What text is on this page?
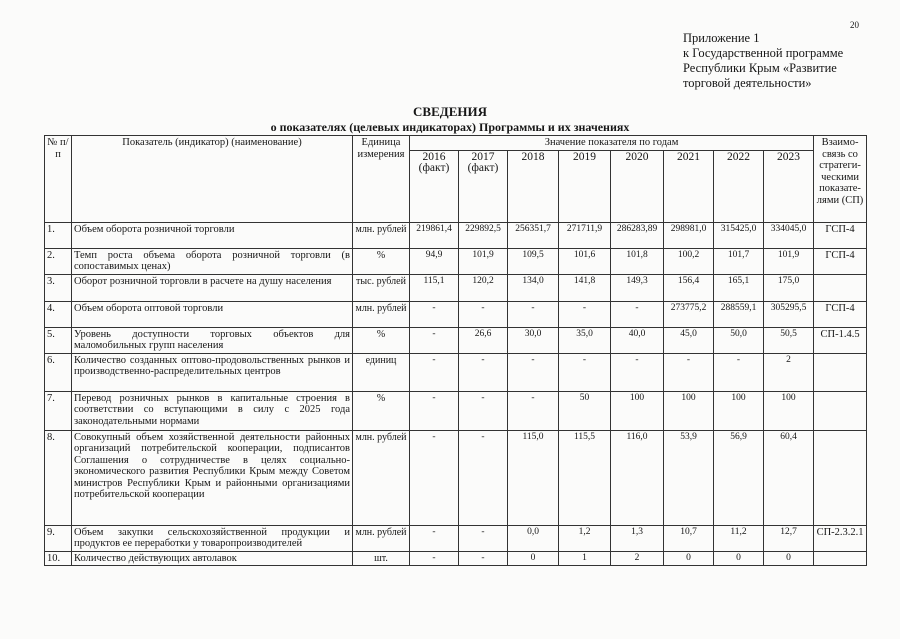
20
Приложение 1
к Государственной программе
Республики Крым «Развитие
торговой деятельности»
СВЕДЕНИЯ
о показателях (целевых индикаторах) Программы и их значениях
№ п/п	Показатель (индикатор) (наименование)	Единица измерения	Значение показателя по годам								Взаимо-связь со стратеги-ческими показате-лями (СП)
			2016 (факт)	2017 (факт)	2018	2019	2020	2021	2022	2023	
1.	Объем оборота розничной торговли	млн. рублей	219861,4	229892,5	256351,7	271711,9	286283,89	298981,0	315425,0	334045,0	ГСП-4
2.	Темп роста объема оборота розничной торговли (в сопоставимых ценах)	%	94,9	101,9	109,5	101,6	101,8	100,2	101,7	101,9	ГСП-4
3.	Оборот розничной торговли в расчете на душу населения	тыс. рублей	115,1	120,2	134,0	141,8	149,3	156,4	165,1	175,0	
4.	Объем оборота оптовой торговли	млн. рублей	-	-	-	-	-	273775,2	288559,1	305295,5	ГСП-4
5.	Уровень доступности торговых объектов для маломобильных групп населения	%	-	26,6	30,0	35,0	40,0	45,0	50,0	50,5	СП-1.4.5
6.	Количество созданных оптово-продовольственных рынков и производственно-распределительных центров	единиц	-	-	-	-	-	-	-	2	
7.	Перевод розничных рынков в капитальные строения в соответствии со вступающими в силу с 2025 года законодательными нормами	%	-	-	-	50	100	100	100	100	
8.	Совокупный объем хозяйственной деятельности районных организаций потребительской кооперации, подписантов Соглашения о сотрудничестве в целях социально-экономического развития Республики Крым между Советом министров Республики Крым и районными организациями потребительской кооперации	млн. рублей	-	-	115,0	115,5	116,0	53,9	56,9	60,4	
9.	Объем закупки сельскохозяйственной продукции и продуктов ее переработки у товаропроизводителей	млн. рублей	-	-	0,0	1,2	1,3	10,7	11,2	12,7	СП-2.3.2.1
10.	Количество действующих автолавок	шт.	-	-	0	1	2	0	0	0	
